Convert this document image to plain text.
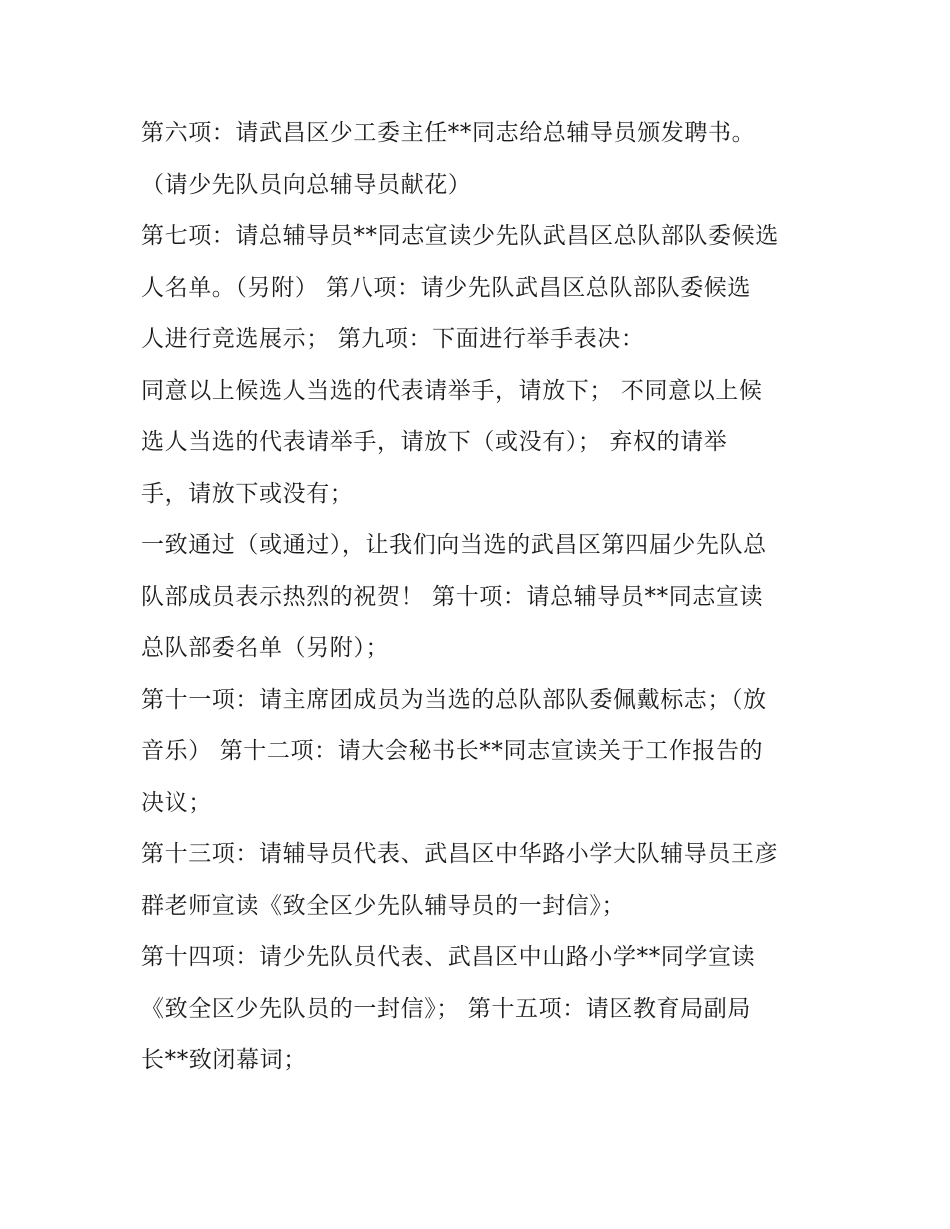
第六项：请武昌区少工委主任**同志给总辅导员颁发聘书。
（请少先队员向总辅导员献花）
第七项：请总辅导员**同志宣读少先队武昌区总队部队委候选
人名单。（另附） 第八项：请少先队武昌区总队部队委候选
人进行竞选展示； 第九项：下面进行举手表决：
同意以上候选人当选的代表请举手，请放下； 不同意以上候
选人当选的代表请举手，请放下（或没有）； 弃权的请举
手，请放下或没有；
一致通过（或通过），让我们向当选的武昌区第四届少先队总
队部成员表示热烈的祝贺！ 第十项：请总辅导员**同志宣读
总队部委名单（另附）；
第十一项：请主席团成员为当选的总队部队委佩戴标志；（放
音乐） 第十二项：请大会秘书长**同志宣读关于工作报告的
决议；
第十三项：请辅导员代表、武昌区中华路小学大队辅导员王彦
群老师宣读《致全区少先队辅导员的一封信》；
第十四项：请少先队员代表、武昌区中山路小学**同学宣读
《致全区少先队员的一封信》； 第十五项：请区教育局副局
长**致闭幕词；
